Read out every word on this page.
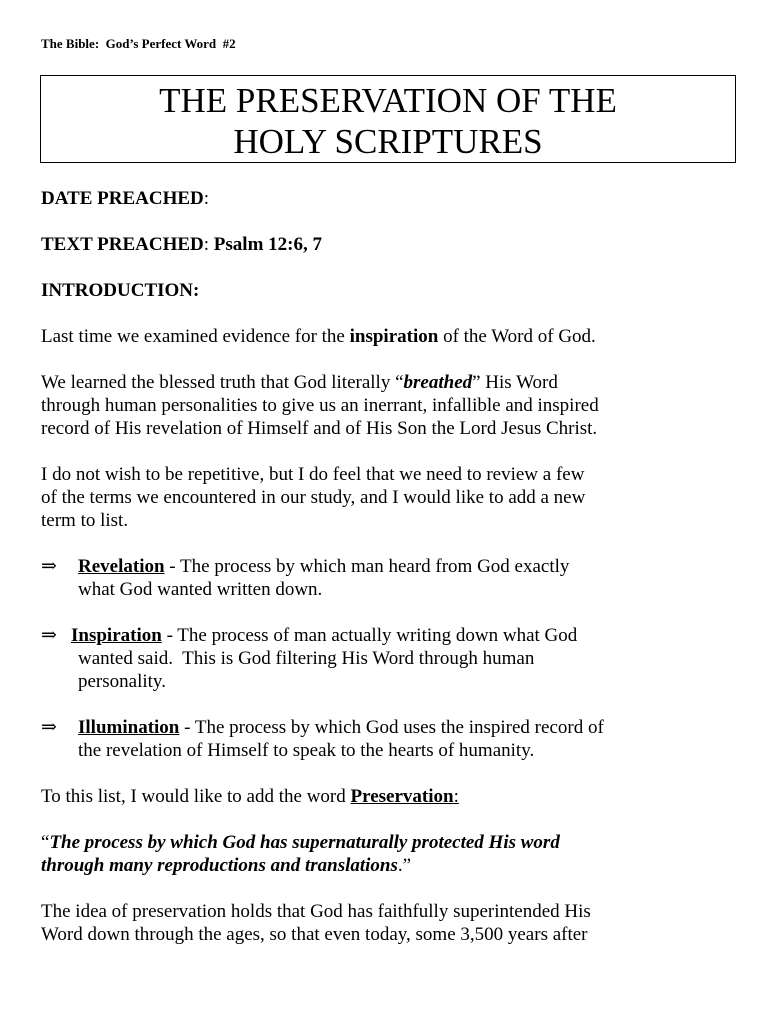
The Bible:  God’s Perfect Word  #2
THE PRESERVATION OF THE
HOLY SCRIPTURES
DATE PREACHED:
TEXT PREACHED: Psalm 12:6, 7
INTRODUCTION:
Last time we examined evidence for the inspiration of the Word of God.
We learned the blessed truth that God literally “breathed” His Word
through human personalities to give us an inerrant, infallible and inspired
record of His revelation of Himself and of His Son the Lord Jesus Christ.
I do not wish to be repetitive, but I do feel that we need to review a few
of the terms we encountered in our study, and I would like to add a new
term to list.
⇒ Revelation - The process by which man heard from God exactly
what God wanted written down.
⇒ Inspiration - The process of man actually writing down what God
wanted said.  This is God filtering His Word through human
personality.
⇒ Illumination - The process by which God uses the inspired record of
the revelation of Himself to speak to the hearts of humanity.
To this list, I would like to add the word Preservation:
“The process by which God has supernaturally protected His word
through many reproductions and translations.”
The idea of preservation holds that God has faithfully superintended His
Word down through the ages, so that even today, some 3,500 years after
